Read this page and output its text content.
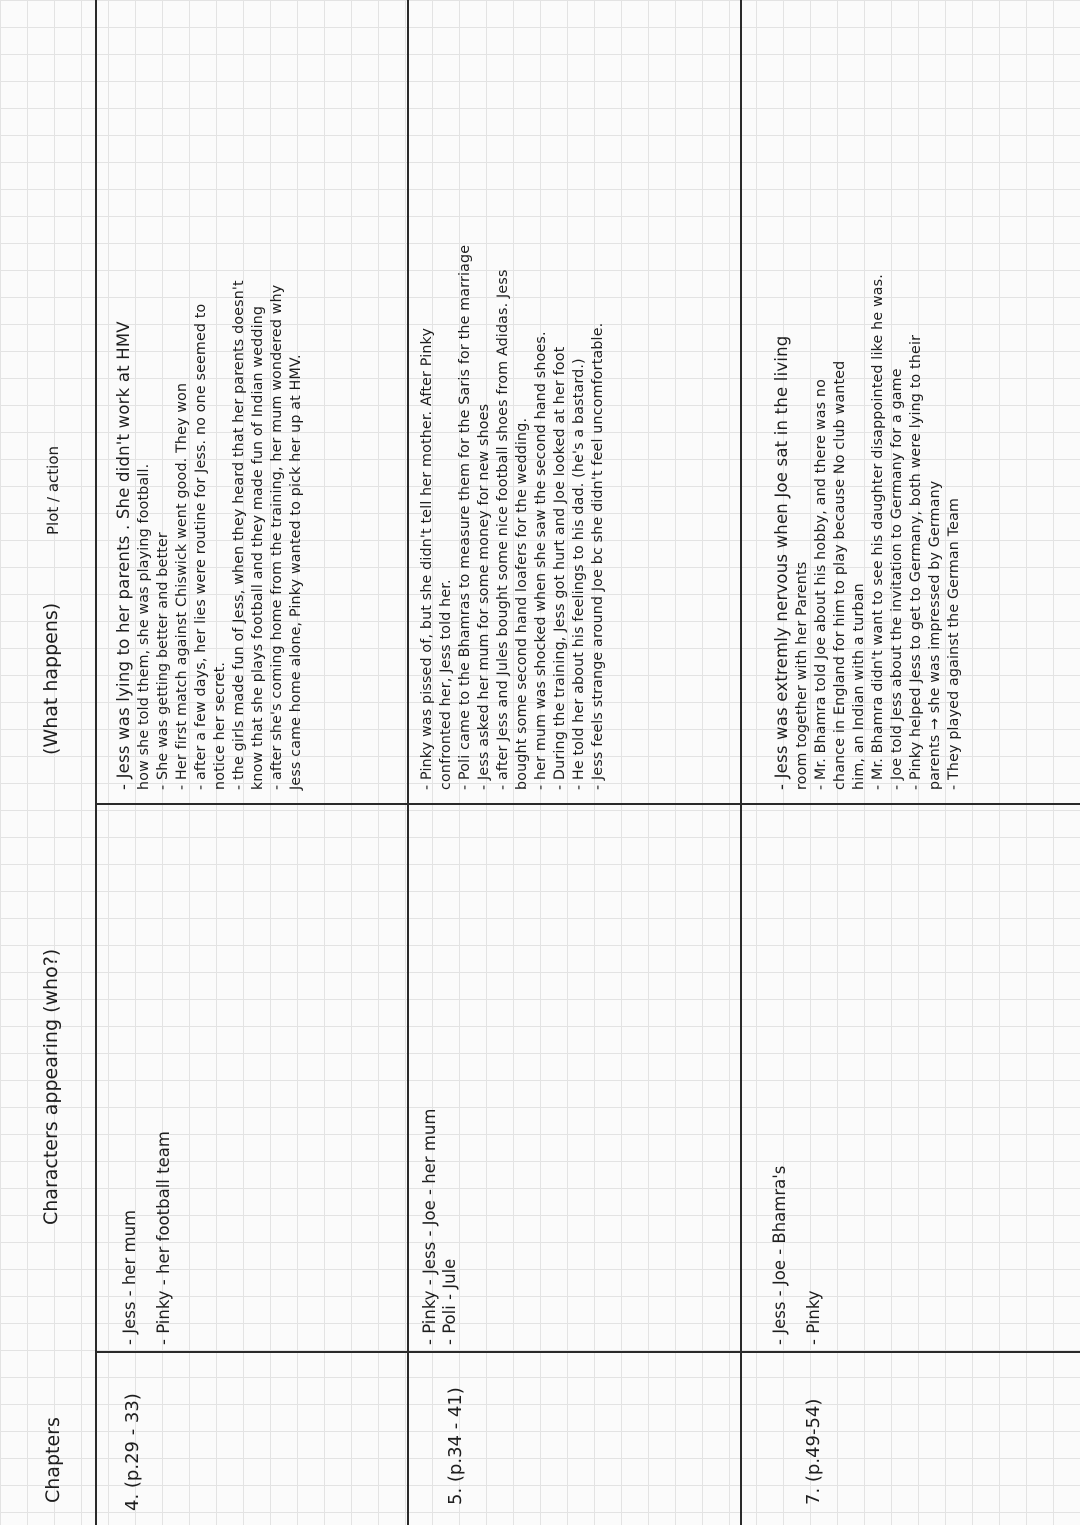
Chapters
Characters appearing (who?)
(What happens)
Plot / action
4. (p.29 - 33)
- Jess - her mum - Pinky - her football team
- Jess was lying to her parents . She didn't work at HMV how she told them, she was playing football. - She was getting better and better - Her first match against Chiswick went good. They won - after a few days, her lies were routine for Jess. no one seemed to notice her secret. - the girls made fun of Jess, when they heard that her parents doesn't know that she plays football and they made fun of Indian wedding - after she's coming home from the training, her mum wondered why Jess came home alone, Pinky wanted to pick her up at HMV.
5. (p.34 - 41)
- Pinky - Jess - Joe - her mum - Poli - Jule
- Pinky was pissed of, but she didn't tell her mother. After Pinky confronted her, Jess told her. - Poli came to the Bhamras to measure them for the Saris for the marriage - Jess asked her mum for some money for new shoes - after Jess and Jules bought some nice football shoes from Adidas. Jess bought some second hand loafers for the wedding. - her mum was shocked when she saw the second hand shoes. - During the training, Jess got hurt and Joe looked at her foot - He told her about his feelings to his dad. (he's a bastard.) - Jess feels strange around Joe bc she didn't feel uncomfortable.
7. (p.49-54)
- Jess - Joe - Bhamra's - Pinky
- Jess was extremly nervous when Joe sat in the living room together with her Parents - Mr. Bhamra told Joe about his hobby, and there was no chance in England for him to play because No club wanted him, an Indian with a turban - Mr. Bhamra didn't want to see his daughter disappointed like he was. - Joe told Jess about the invitation to Germany for a game - Pinky helped Jess to get to Germany, both were lying to their parents → she was impressed by Germany - They played against the German Team
